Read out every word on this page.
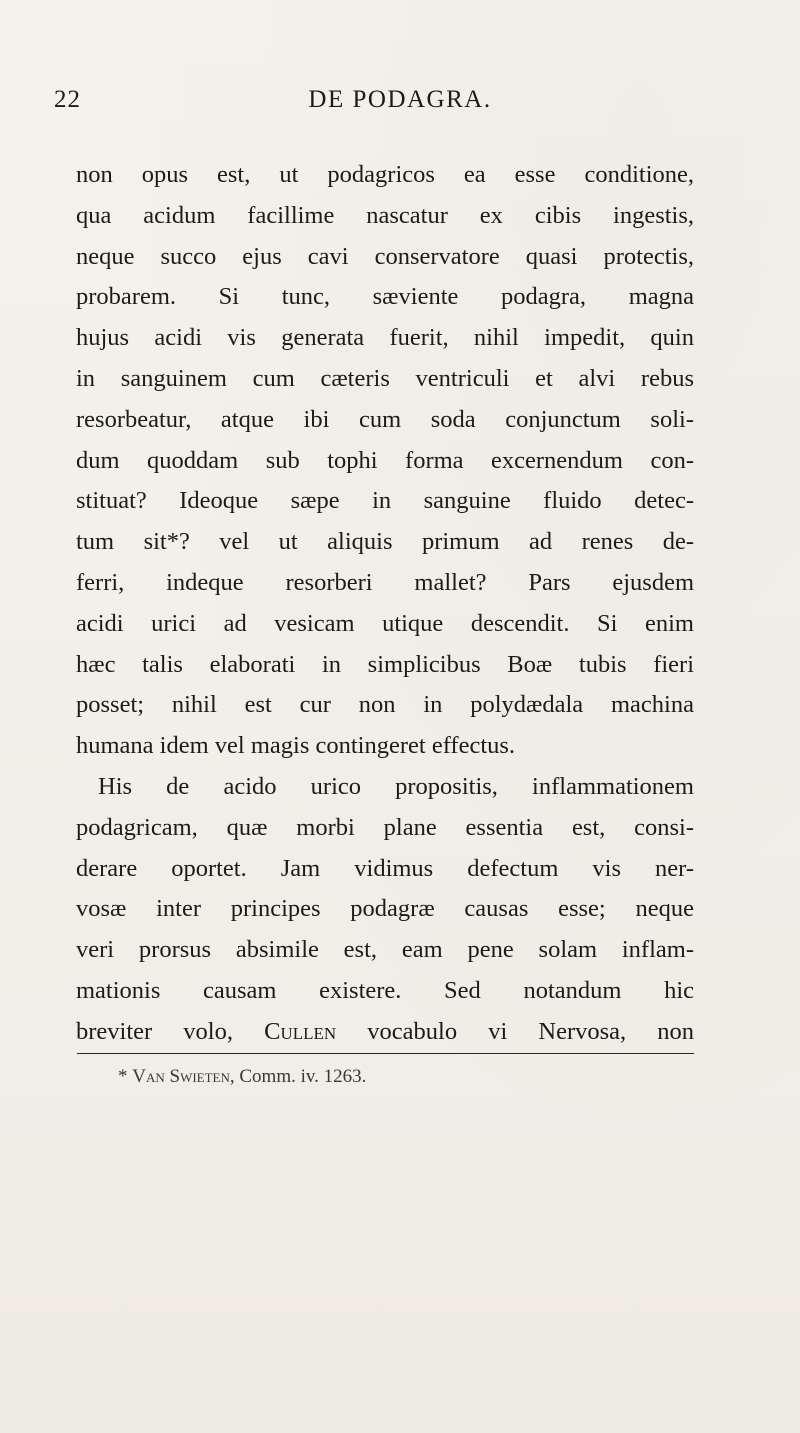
22	DE PODAGRA.
non opus est, ut podagricos ea esse conditione,
qua acidum facillime nascatur ex cibis ingestis,
neque succo ejus cavi conservatore quasi protectis,
probarem. Si tunc, sæviente podagra, magna
hujus acidi vis generata fuerit, nihil impedit, quin
in sanguinem cum cæteris ventriculi et alvi rebus
resorbeatur, atque ibi cum soda conjunctum soli-
dum quoddam sub tophi forma excernendum con-
stituat? Ideoque sæpe in sanguine fluido detec-
tum sit*? vel ut aliquis primum ad renes de-
ferri, indeque resorberi mallet? Pars ejusdem
acidi urici ad vesicam utique descendit. Si enim
hæc talis elaborati in simplicibus Boæ tubis fieri
posset; nihil est cur non in polydædala machina
humana idem vel magis contingeret effectus.
His de acido urico propositis, inflammationem
podagricam, quæ morbi plane essentia est, consi-
derare oportet. Jam vidimus defectum vis ner-
vosæ inter principes podagræ causas esse; neque
veri prorsus absimile est, eam pene solam inflam-
mationis causam existere. Sed notandum hic
breviter volo, Cullen vocabulo vi Nervosa, non
* Van Swieten, Comm. iv. 1263.
